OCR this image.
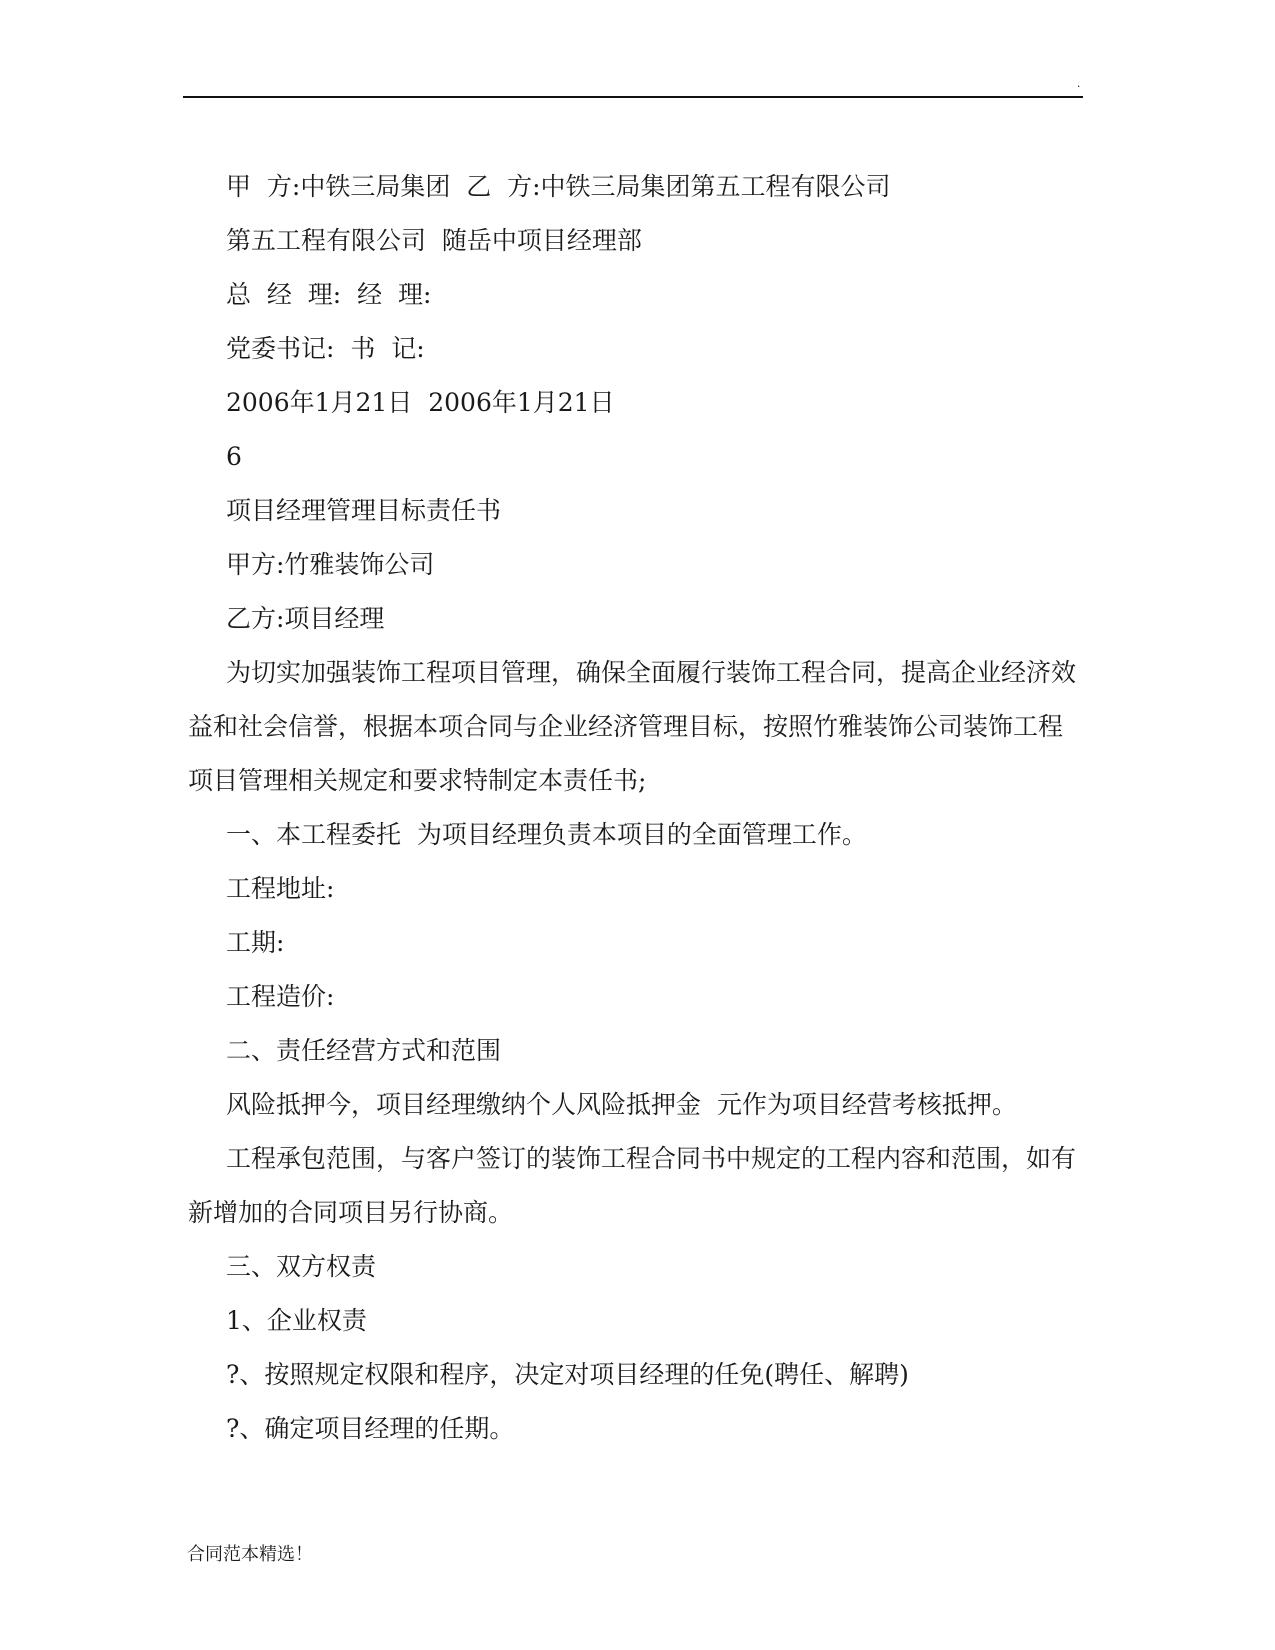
.

甲  方:中铁三局集团  乙  方:中铁三局集团第五工程有限公司

第五工程有限公司  随岳中项目经理部

总  经  理:  经  理:

党委书记:  书  记:

2006年1月21日  2006年1月21日

6

项目经理管理目标责任书

甲方:竹雅装饰公司

乙方:项目经理

为切实加强装饰工程项目管理，确保全面履行装饰工程合同，提高企业经济效益和社会信誉，根据本项合同与企业经济管理目标，按照竹雅装饰公司装饰工程项目管理相关规定和要求特制定本责任书;

一、本工程委托  为项目经理负责本项目的全面管理工作。

工程地址:

工期:

工程造价:

二、责任经营方式和范围

风险抵押今，项目经理缴纳个人风险抵押金  元作为项目经营考核抵押。

工程承包范围，与客户签订的装饰工程合同书中规定的工程内容和范围，如有新增加的合同项目另行协商。

三、双方权责

1、企业权责

?、按照规定权限和程序，决定对项目经理的任免(聘任、解聘)

?、确定项目经理的任期。

合同范本精选！
